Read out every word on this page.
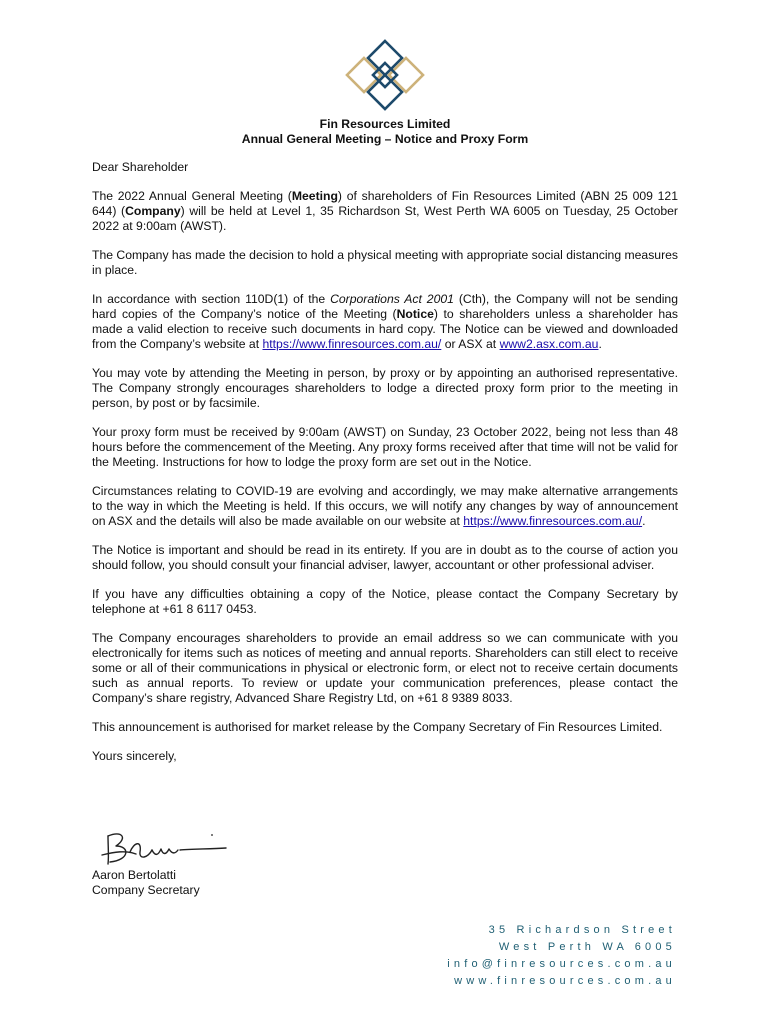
Fin Resources Limited
Annual General Meeting – Notice and Proxy Form

Dear Shareholder

The 2022 Annual General Meeting (Meeting) of shareholders of Fin Resources Limited (ABN 25 009 121 644) (Company) will be held at Level 1, 35 Richardson St, West Perth WA 6005 on Tuesday, 25 October 2022 at 9:00am (AWST).

The Company has made the decision to hold a physical meeting with appropriate social distancing measures in place.

In accordance with section 110D(1) of the Corporations Act 2001 (Cth), the Company will not be sending hard copies of the Company’s notice of the Meeting (Notice) to shareholders unless a shareholder has made a valid election to receive such documents in hard copy. The Notice can be viewed and downloaded from the Company’s website at https://www.finresources.com.au/ or ASX at www2.asx.com.au.

You may vote by attending the Meeting in person, by proxy or by appointing an authorised representative. The Company strongly encourages shareholders to lodge a directed proxy form prior to the meeting in person, by post or by facsimile.

Your proxy form must be received by 9:00am (AWST) on Sunday, 23 October 2022, being not less than 48 hours before the commencement of the Meeting. Any proxy forms received after that time will not be valid for the Meeting. Instructions for how to lodge the proxy form are set out in the Notice.

Circumstances relating to COVID-19 are evolving and accordingly, we may make alternative arrangements to the way in which the Meeting is held. If this occurs, we will notify any changes by way of announcement on ASX and the details will also be made available on our website at https://www.finresources.com.au/.

The Notice is important and should be read in its entirety. If you are in doubt as to the course of action you should follow, you should consult your financial adviser, lawyer, accountant or other professional adviser.

If you have any difficulties obtaining a copy of the Notice, please contact the Company Secretary by telephone at +61 8 6117 0453.

The Company encourages shareholders to provide an email address so we can communicate with you electronically for items such as notices of meeting and annual reports. Shareholders can still elect to receive some or all of their communications in physical or electronic form, or elect not to receive certain documents such as annual reports. To review or update your communication preferences, please contact the Company’s share registry, Advanced Share Registry Ltd, on +61 8 9389 8033.

This announcement is authorised for market release by the Company Secretary of Fin Resources Limited.

Yours sincerely,

Aaron Bertolatti
Company Secretary
35 Richardson Street
West Perth WA 6005
info@finresources.com.au
www.finresources.com.au
